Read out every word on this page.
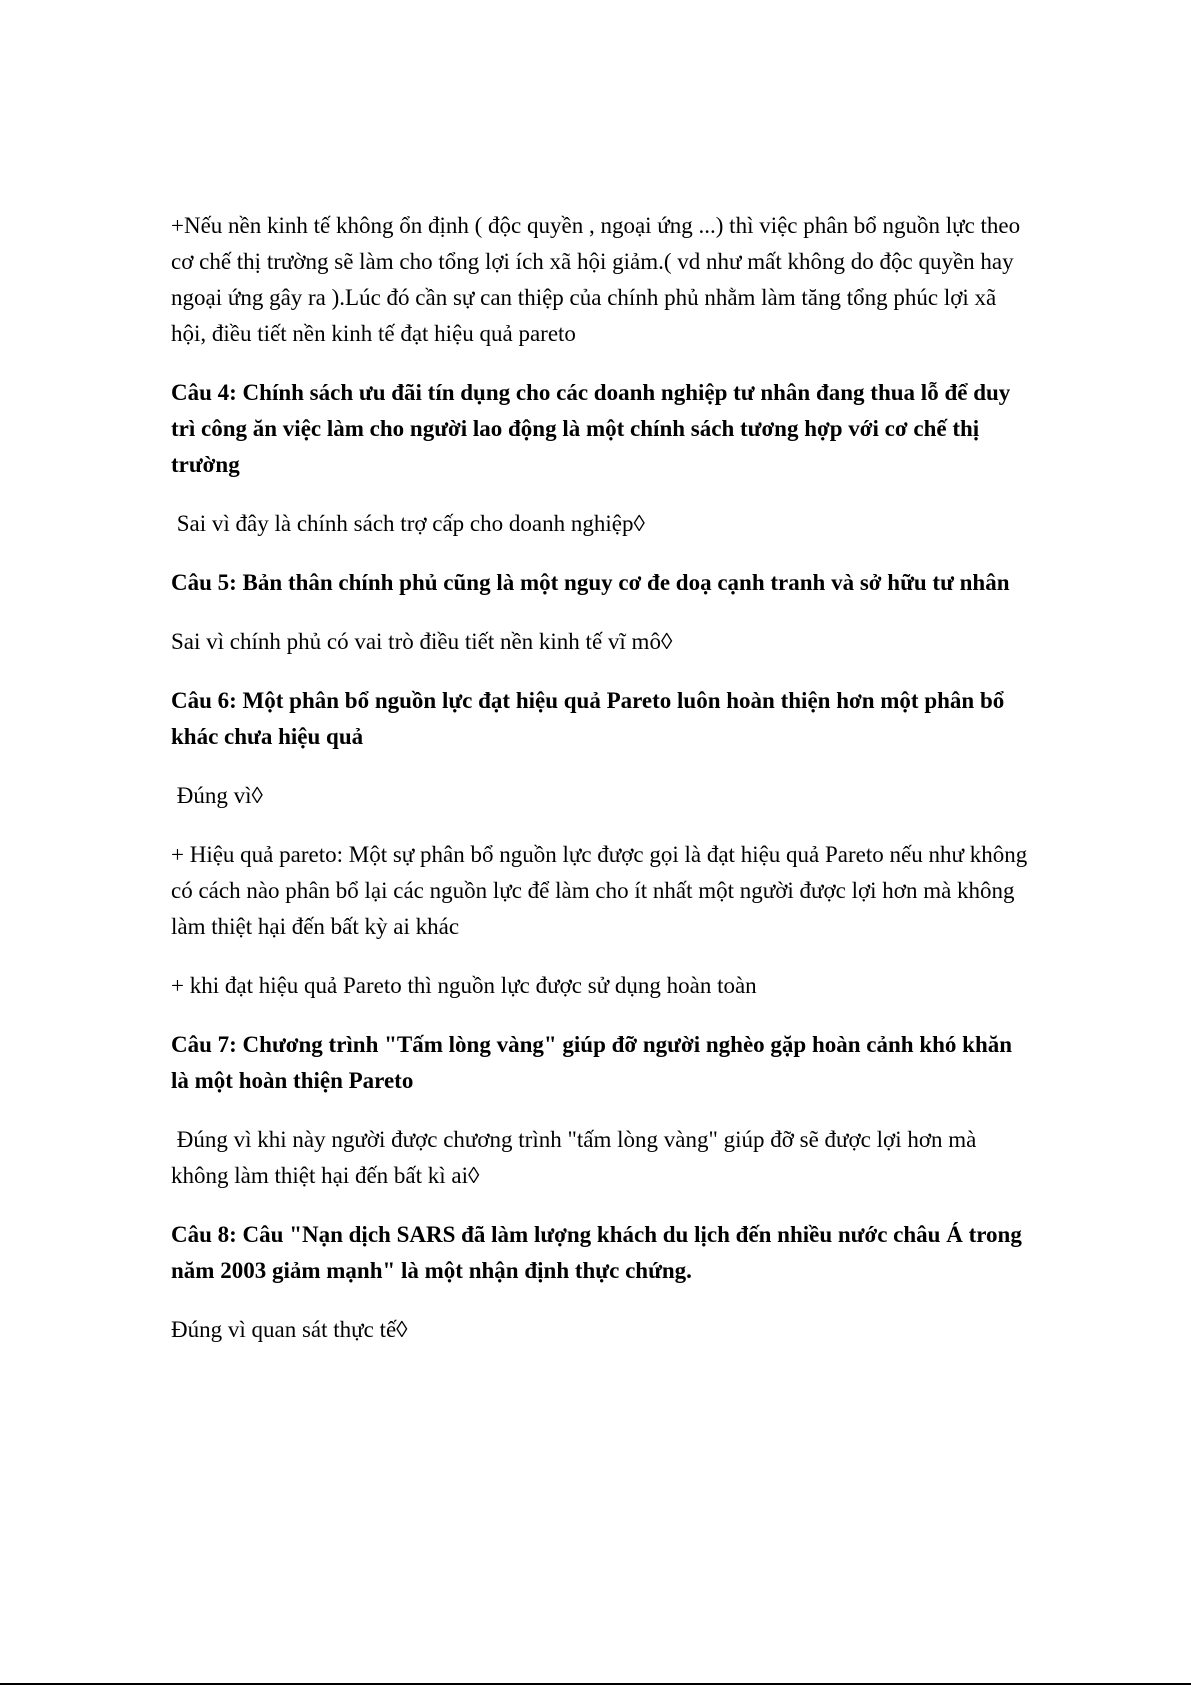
+Nếu nền kinh tế không ổn định ( độc quyền , ngoại ứng ...) thì việc phân bổ nguồn lực theo cơ chế thị trường sẽ làm cho tổng lợi ích xã hội giảm.( vd như mất không do độc quyền hay ngoại ứng gây ra ).Lúc đó cần sự can thiệp của chính phủ nhằm làm tăng tổng phúc lợi xã hội, điều tiết nền kinh tế đạt hiệu quả pareto

Câu 4: Chính sách ưu đãi tín dụng cho các doanh nghiệp tư nhân đang thua lỗ để duy trì công ăn việc làm cho người lao động là một chính sách tương hợp với cơ chế thị trường

Sai vì đây là chính sách trợ cấp cho doanh nghiệp◊

Câu 5: Bản thân chính phủ cũng là một nguy cơ đe doạ cạnh tranh và sở hữu tư nhân

Sai vì chính phủ có vai trò điều tiết nền kinh tế vĩ mô◊

Câu 6: Một phân bổ nguồn lực đạt hiệu quả Pareto luôn hoàn thiện hơn một phân bổ khác chưa hiệu quả

Đúng vì◊

+ Hiệu quả pareto: Một sự phân bổ nguồn lực được gọi là đạt hiệu quả Pareto nếu như không có cách nào phân bổ lại các nguồn lực để làm cho ít nhất một người được lợi hơn mà không làm thiệt hại đến bất kỳ ai khác

+ khi đạt hiệu quả Pareto thì nguồn lực được sử dụng hoàn toàn

Câu 7: Chương trình "Tấm lòng vàng" giúp đỡ người nghèo gặp hoàn cảnh khó khăn là một hoàn thiện Pareto

Đúng vì khi này người được chương trình "tấm lòng vàng" giúp đỡ sẽ được lợi hơn mà không làm thiệt hại đến bất kì ai◊

Câu 8: Câu "Nạn dịch SARS đã làm lượng khách du lịch đến nhiều nước châu Á trong năm 2003 giảm mạnh" là một nhận định thực chứng.

Đúng vì quan sát thực tế◊
